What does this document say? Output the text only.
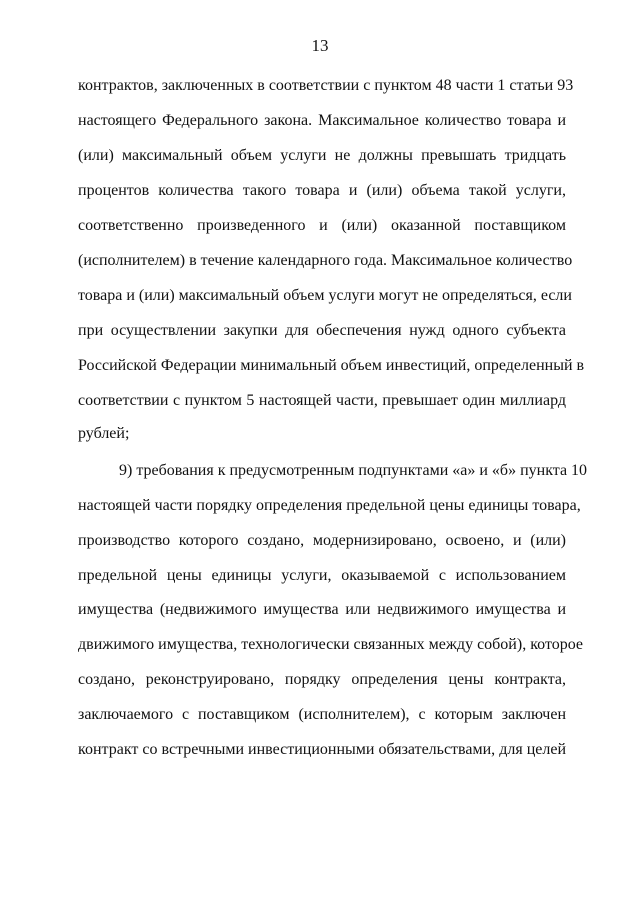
13
контрактов, заключенных в соответствии с пунктом 48 части 1 статьи 93
настоящего Федерального закона. Максимальное количество товара и
(или) максимальный объем услуги не должны превышать тридцать
процентов количества такого товара и (или) объема такой услуги,
соответственно произведенного и (или) оказанной поставщиком
(исполнителем) в течение календарного года. Максимальное количество
товара и (или) максимальный объем услуги могут не определяться, если
при осуществлении закупки для обеспечения нужд одного субъекта
Российской Федерации минимальный объем инвестиций, определенный в
соответствии с пунктом 5 настоящей части, превышает один миллиард
рублей;
9) требования к предусмотренным подпунктами «а» и «б» пункта 10
настоящей части порядку определения предельной цены единицы товара,
производство которого создано, модернизировано, освоено, и (или)
предельной цены единицы услуги, оказываемой с использованием
имущества (недвижимого имущества или недвижимого имущества и
движимого имущества, технологически связанных между собой), которое
создано, реконструировано, порядку определения цены контракта,
заключаемого с поставщиком (исполнителем), с которым заключен
контракт со встречными инвестиционными обязательствами, для целей
